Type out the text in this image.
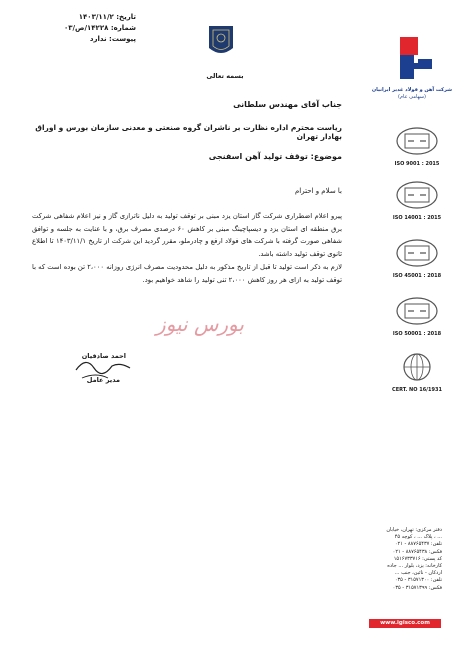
تاریخ: ۱۴۰۳/۱۱/۲
شماره: ۱۴۲۲۸/ص/۰۳
پیوست: ندارد
بسمه تعالی
شرکت آهن و فولاد غدیر ایرانیان
(سهامی عام)
جناب آقای مهندس سلطانی
ریاست محترم اداره نظارت بر ناشران گروه صنعتی و معدنی سازمان بورس و اوراق بهادار تهران
موضوع: توقف تولید آهن اسفنجی
با سلام و احترام

پیرو اعلام اضطراری شرکت گاز استان یزد مبنی بر توقف تولید به دلیل ناترازی گاز و نیز اعلام شفاهی شرکت برق منطقه ای استان یزد و دیسپاچینگ مبنی بر کاهش ۶۰ درصدی مصرف برق، و با عنایت به جلسه و توافق شفاهی صورت گرفته با شرکت های فولاد ارفع و چادرملو، مقرر گردید این شرکت از تاریخ ۱۴۰۳/۱۱/۱ تا اطلاع ثانوی توقف تولید داشته باشد.

لازم به ذکر است تولید تا قبل از تاریخ مذکور به دلیل محدودیت مصرف انرژی روزانه ۲،۰۰۰ تن بوده است که با توقف تولید به ازای هر روز کاهش ۲،۰۰۰ تنی تولید را شاهد خواهیم بود.

بورس نیوز
احمد صادقیان
مدیر عامل
ISO 9001 : 2015
ISO 14001 : 2015
ISO 45001 : 2018
ISO 50001 : 2018
CERT. NO 16/1931
دفتر مرکزی: تهران، خیابان
... ، پلاک ... ، کوچه ۴۵
تلفن: ۸۸۷۶۵۴۳۷ - ۰۲۱
فکس: ۸۸۷۶۵۴۳۸ - ۰۲۱
کد پستی: ۱۵۱۶۷۳۳۷۱۶
کارخانه: یزد، بلوار ... جاده
اردکان - نائین، جنب ...
تلفن: ۳۱۵۷۱۳۰۰ - ۰۳۵
فکس: ۳۱۵۷۱۳۹۹ - ۰۳۵
www.igisco.com
